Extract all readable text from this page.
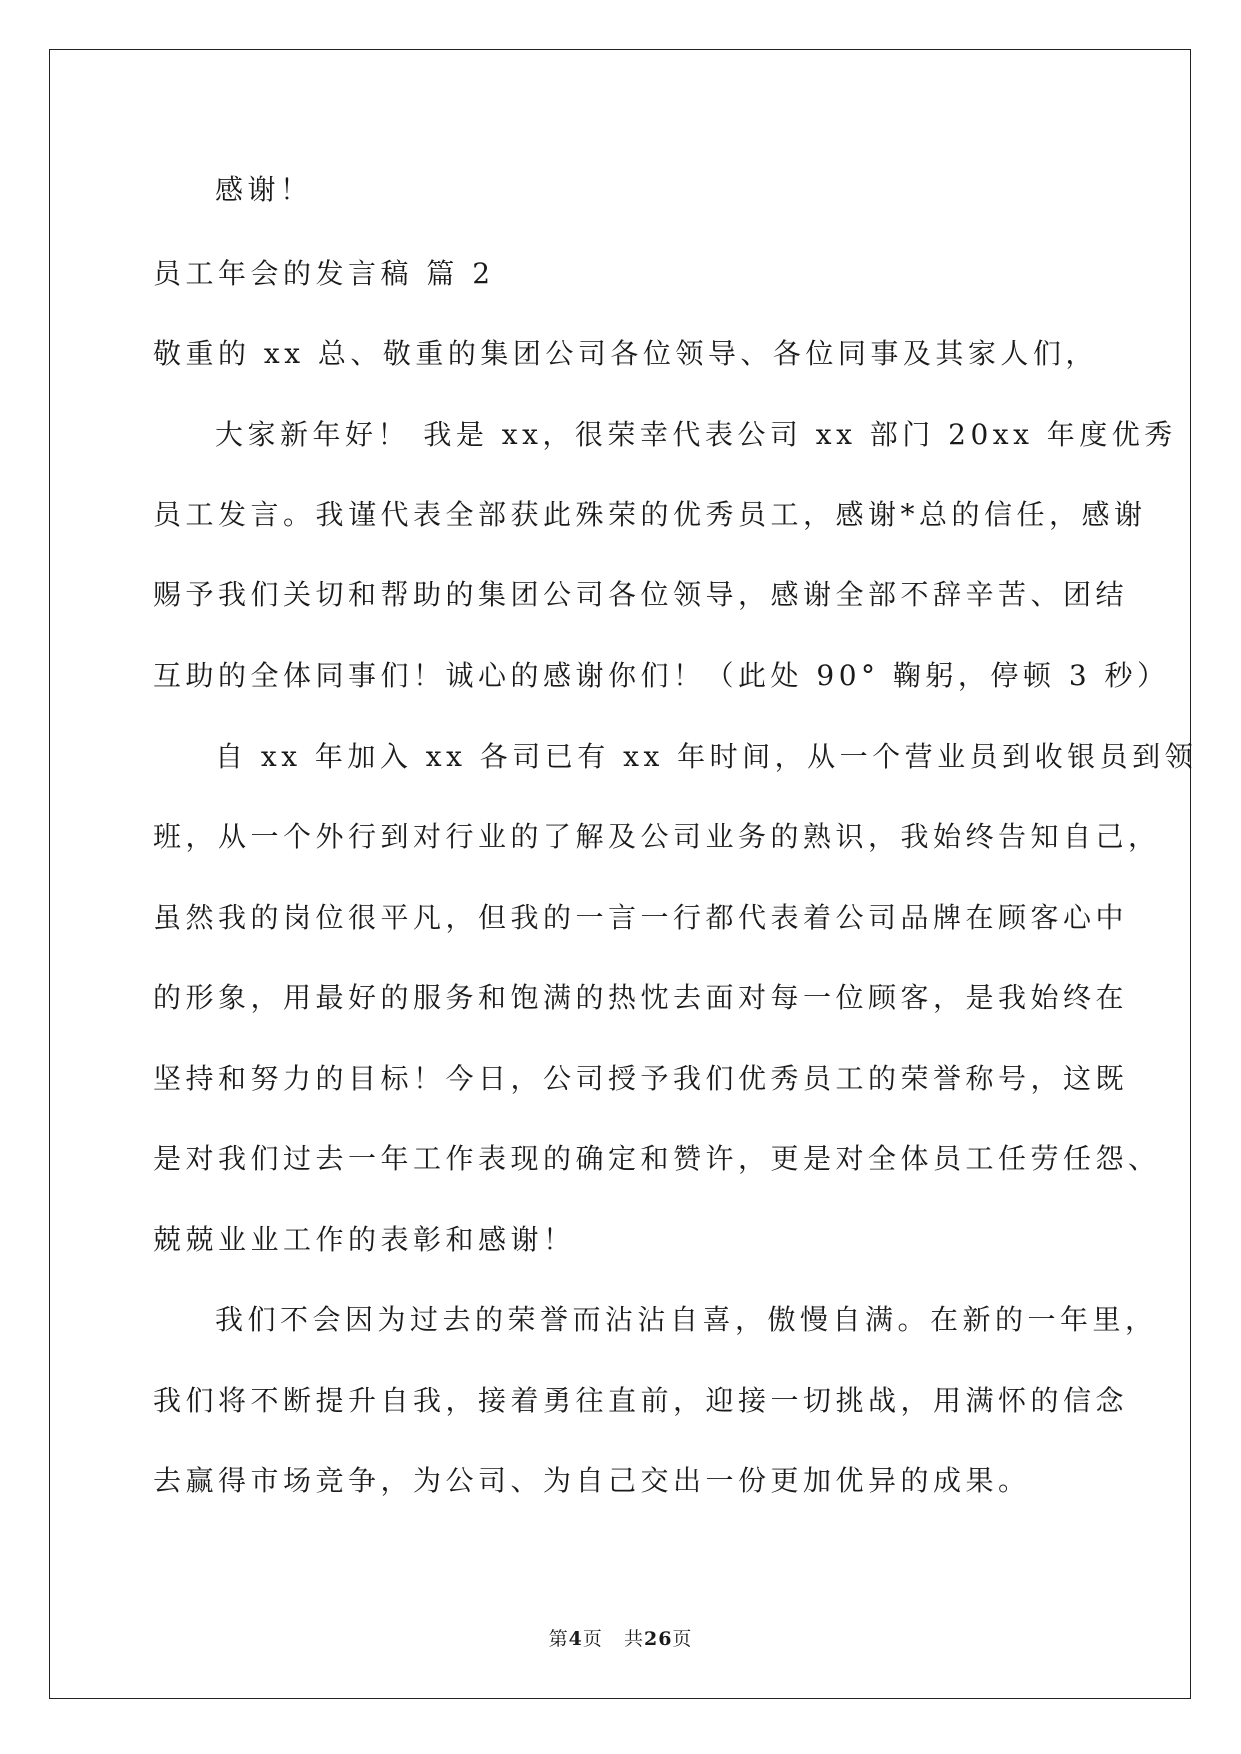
感谢！
员工年会的发言稿 篇 2
敬重的 xx 总、敬重的集团公司各位领导、各位同事及其家人们，
大家新年好！ 我是 xx，很荣幸代表公司 xx 部门 20xx 年度优秀
员工发言。我谨代表全部获此殊荣的优秀员工，感谢*总的信任，感谢
赐予我们关切和帮助的集团公司各位领导，感谢全部不辞辛苦、团结
互助的全体同事们！诚心的感谢你们！（此处 90° 鞠躬，停顿 3 秒）
自 xx 年加入 xx 各司已有 xx 年时间，从一个营业员到收银员到领
班，从一个外行到对行业的了解及公司业务的熟识，我始终告知自己，
虽然我的岗位很平凡，但我的一言一行都代表着公司品牌在顾客心中
的形象，用最好的服务和饱满的热忱去面对每一位顾客，是我始终在
坚持和努力的目标！今日，公司授予我们优秀员工的荣誉称号，这既
是对我们过去一年工作表现的确定和赞许，更是对全体员工任劳任怨、
兢兢业业工作的表彰和感谢！
我们不会因为过去的荣誉而沾沾自喜，傲慢自满。在新的一年里，
我们将不断提升自我，接着勇往直前，迎接一切挑战，用满怀的信念
去赢得市场竞争，为公司、为自己交出一份更加优异的成果。
第4页 共26页
